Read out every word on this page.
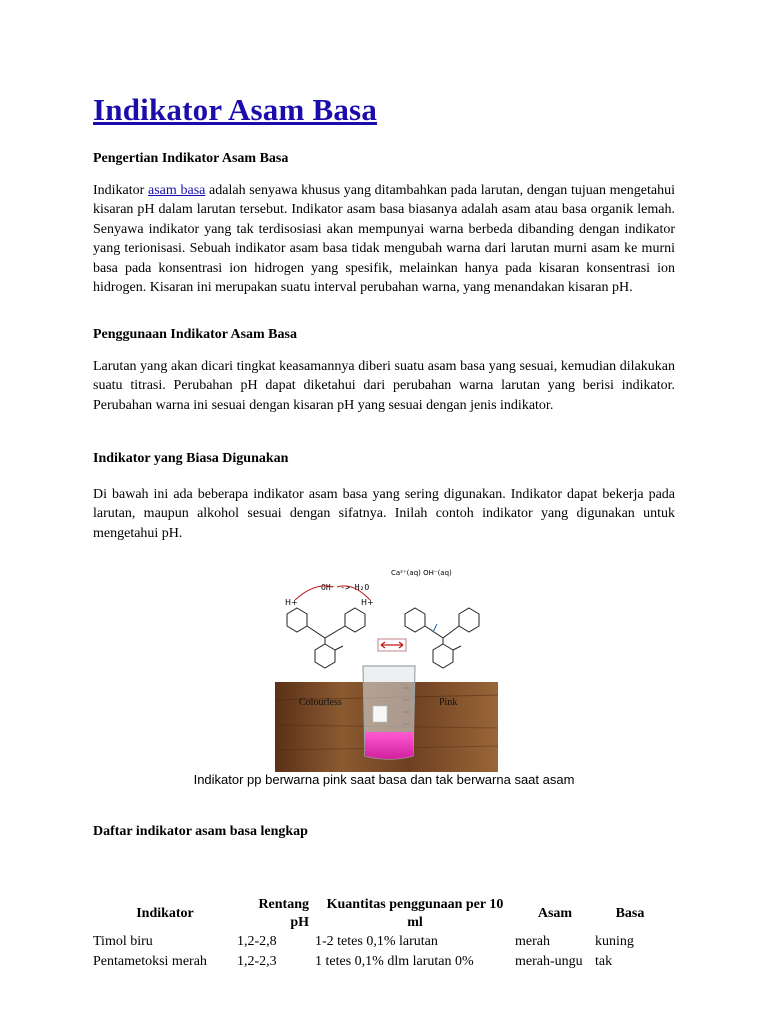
Indikator Asam Basa
Pengertian Indikator Asam Basa

Indikator asam basa adalah senyawa khusus yang ditambahkan pada larutan, dengan tujuan mengetahui kisaran pH dalam larutan tersebut. Indikator asam basa biasanya adalah asam atau basa organik lemah. Senyawa indikator yang tak terdisosiasi akan mempunyai warna berbeda dibanding dengan indikator yang terionisasi. Sebuah indikator asam basa tidak mengubah warna dari larutan murni asam ke murni basa pada konsentrasi ion hidrogen yang spesifik, melainkan hanya pada kisaran konsentrasi ion hidrogen. Kisaran ini merupakan suatu interval perubahan warna, yang menandakan kisaran pH.

Penggunaan Indikator Asam Basa

Larutan yang akan dicari tingkat keasamannya diberi suatu asam basa yang sesuai, kemudian dilakukan suatu titrasi. Perubahan pH dapat diketahui dari perubahan warna larutan yang berisi indikator. Perubahan warna ini sesuai dengan kisaran pH yang sesuai dengan jenis indikator.

Indikator yang Biasa Digunakan

Di bawah ini ada beberapa indikator asam basa yang sering digunakan. Indikator dapat bekerja pada larutan, maupun alkohol sesuai dengan sifatnya. Inilah contoh indikator yang digunakan untuk mengetahui pH.

Daftar indikator asam basa lengkap
OH⁻ -> H₂O
Ca²⁺(aq) OH⁻(aq)
H+	H+
Colourless	Pink
Indikator pp berwarna pink saat basa dan tak berwarna saat asam
Indikator	Rentang pH	Kuantitas penggunaan per 10 ml	Asam	Basa
Timol biru	1,2-2,8	1-2 tetes 0,1% larutan	merah	kuning
Pentametoksi merah	1,2-2,3	1 tetes 0,1% dlm larutan 0%	merah-ungu	tak
